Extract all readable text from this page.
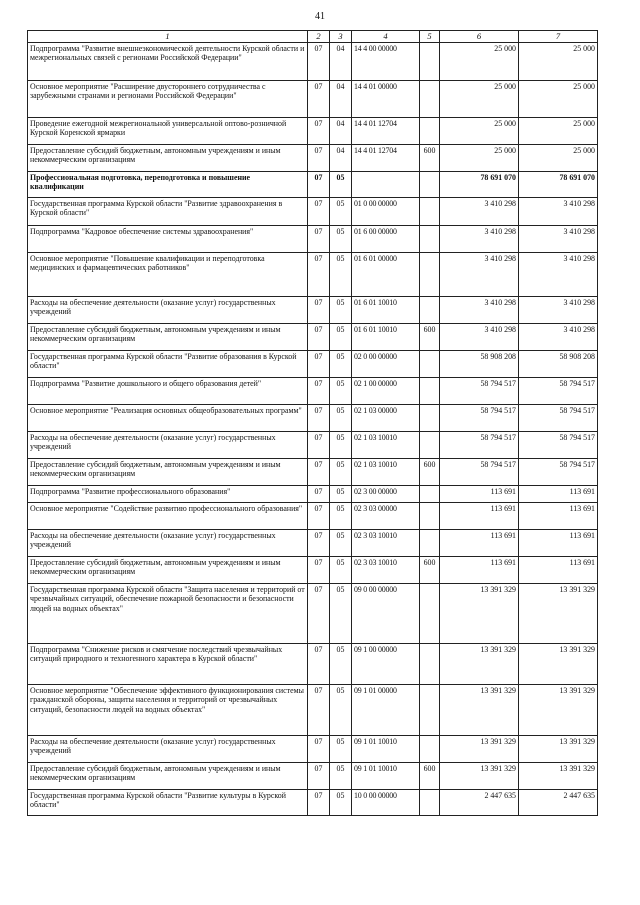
41
1	2	3	4	5	6	7
Подпрограмма "Развитие внешнеэкономической деятельности Курской области и межрегиональных связей с регионами Российской Федерации"	07	04	14 4 00 00000		25 000	25 000
Основное мероприятие "Расширение двустороннего сотрудничества с зарубежными странами и регионами Российской Федерации"	07	04	14 4 01 00000		25 000	25 000
Проведение ежегодной межрегиональной универсальной оптово-розничной Курской Коренской ярмарки	07	04	14 4 01 12704		25 000	25 000
Предоставление субсидий бюджетным, автономным учреждениям и иным некоммерческим организациям	07	04	14 4 01 12704	600	25 000	25 000
Профессиональная подготовка, переподготовка и повышение квалификации	07	05			78 691 070	78 691 070
Государственная программа Курской области "Развитие здравоохранения в Курской области"	07	05	01 0 00 00000		3 410 298	3 410 298
Подпрограмма "Кадровое обеспечение системы здравоохранения"	07	05	01 6 00 00000		3 410 298	3 410 298
Основное мероприятие "Повышение квалификации и переподготовка медицинских и фармацевтических работников"	07	05	01 6 01 00000		3 410 298	3 410 298
Расходы на обеспечение деятельности (оказание услуг) государственных учреждений	07	05	01 6 01 10010		3 410 298	3 410 298
Предоставление субсидий бюджетным, автономным учреждениям и иным некоммерческим организациям	07	05	01 6 01 10010	600	3 410 298	3 410 298
Государственная программа Курской области "Развитие образования в Курской области"	07	05	02 0 00 00000		58 908 208	58 908 208
Подпрограмма "Развитие дошкольного и общего образования детей"	07	05	02 1 00 00000		58 794 517	58 794 517
Основное мероприятие "Реализация основных общеобразовательных программ"	07	05	02 1 03 00000		58 794 517	58 794 517
Расходы на обеспечение деятельности (оказание услуг) государственных учреждений	07	05	02 1 03 10010		58 794 517	58 794 517
Предоставление субсидий бюджетным, автономным учреждениям и иным некоммерческим организациям	07	05	02 1 03 10010	600	58 794 517	58 794 517
Подпрограмма "Развитие профессионального образования"	07	05	02 3 00 00000		113 691	113 691
Основное мероприятие "Содействие развитию профессионального образования"	07	05	02 3 03 00000		113 691	113 691
Расходы на обеспечение деятельности (оказание услуг) государственных учреждений	07	05	02 3 03 10010		113 691	113 691
Предоставление субсидий бюджетным, автономным учреждениям и иным некоммерческим организациям	07	05	02 3 03 10010	600	113 691	113 691
Государственная программа Курской области "Защита населения и территорий от чрезвычайных ситуаций, обеспечение пожарной безопасности и безопасности людей на водных объектах"	07	05	09 0 00 00000		13 391 329	13 391 329
Подпрограмма "Снижение рисков и смягчение последствий чрезвычайных ситуаций природного и техногенного характера в Курской области"	07	05	09 1 00 00000		13 391 329	13 391 329
Основное мероприятие "Обеспечение эффективного функционирования системы гражданской обороны, защиты населения и территорий от чрезвычайных ситуаций, безопасности людей на водных объектах"	07	05	09 1 01 00000		13 391 329	13 391 329
Расходы на обеспечение деятельности (оказание услуг) государственных учреждений	07	05	09 1 01 10010		13 391 329	13 391 329
Предоставление субсидий бюджетным, автономным учреждениям и иным некоммерческим организациям	07	05	09 1 01 10010	600	13 391 329	13 391 329
Государственная программа Курской области "Развитие культуры в Курской области"	07	05	10 0 00 00000		2 447 635	2 447 635
